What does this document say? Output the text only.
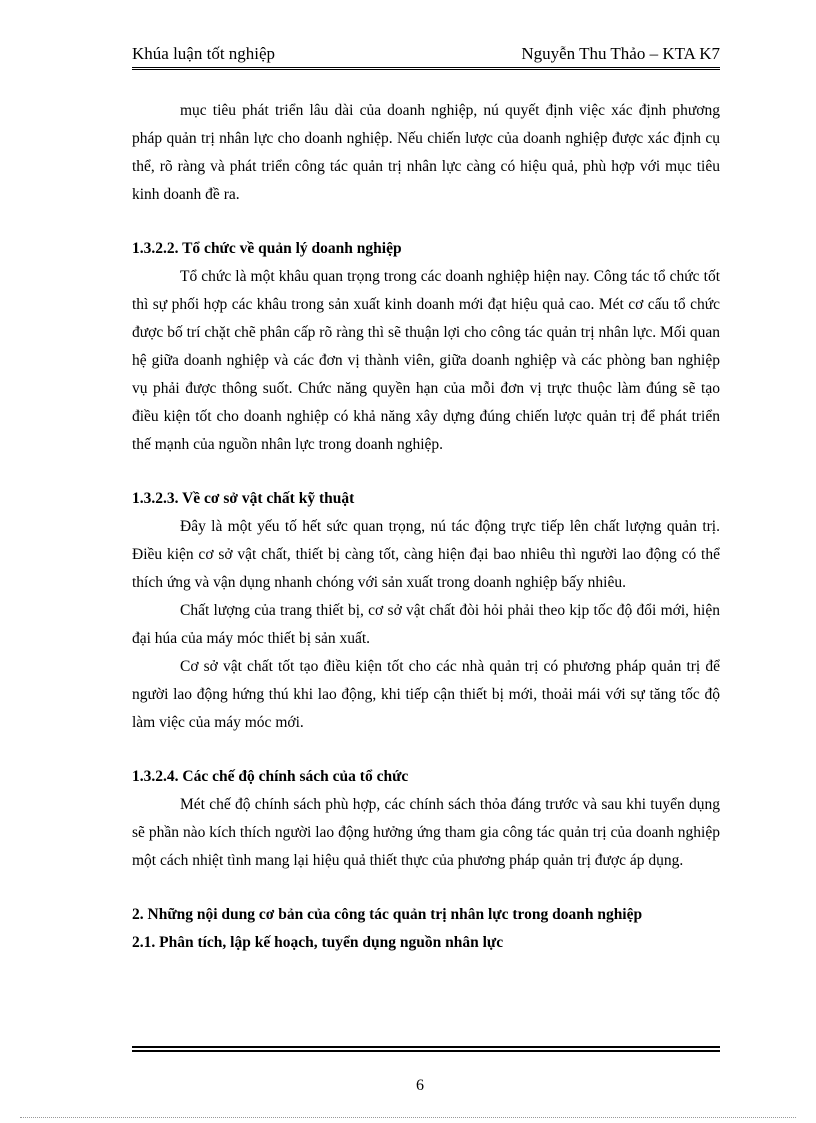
Khúa luận tốt nghiệp	Nguyễn Thu Thảo – KTA K7

mục tiêu phát triển lâu dài của doanh nghiệp, nú quyết định việc xác định phương pháp quản trị nhân lực cho doanh nghiệp. Nếu chiến lược của doanh nghiệp được xác định cụ thể, rõ ràng và phát triển công tác quản trị nhân lực càng có hiệu quả, phù hợp với mục tiêu kinh doanh đề ra.

1.3.2.2. Tổ chức về quản lý doanh nghiệp

Tổ chức là một khâu quan trọng trong các doanh nghiệp hiện nay. Công tác tổ chức tốt thì sự phối hợp các khâu trong sản xuất kinh doanh mới đạt hiệu quả cao. Mét cơ cấu tổ chức được bố trí chặt chẽ phân cấp rõ ràng thì sẽ thuận lợi cho công tác quản trị nhân lực. Mối quan hệ giữa doanh nghiệp và các đơn vị thành viên, giữa doanh nghiệp và các phòng ban nghiệp vụ phải được thông suốt. Chức năng quyền hạn của mỗi đơn vị trực thuộc làm đúng sẽ tạo điều kiện tốt cho doanh nghiệp có khả năng xây dựng đúng chiến lược quản trị để phát triển thế mạnh của nguồn nhân lực trong doanh nghiệp.

1.3.2.3. Về cơ sở vật chất kỹ thuật

Đây là một yếu tố hết sức quan trọng, nú tác động trực tiếp lên chất lượng quản trị. Điều kiện cơ sở vật chất, thiết bị càng tốt, càng hiện đại bao nhiêu thì người lao động có thể thích ứng và vận dụng nhanh chóng với sản xuất trong doanh nghiệp bấy nhiêu.

Chất lượng của trang thiết bị, cơ sở vật chất đòi hỏi phải theo kịp tốc độ đổi mới, hiện đại húa của máy móc thiết bị sản xuất.

Cơ sở vật chất tốt tạo điều kiện tốt cho các nhà quản trị có phương pháp quản trị để người lao động hứng thú khi lao động, khi tiếp cận thiết bị mới, thoải mái với sự tăng tốc độ làm việc của máy móc mới.

1.3.2.4. Các chế độ chính sách của tổ chức

Mét chế độ chính sách phù hợp, các chính sách thỏa đáng trước và sau khi tuyển dụng sẽ phần nào kích thích người lao động hưởng ứng tham gia công tác quản trị của doanh nghiệp một cách nhiệt tình mang lại hiệu quả thiết thực của phương pháp quản trị được áp dụng.

2. Những nội dung cơ bản của công tác quản trị nhân lực trong doanh nghiệp
2.1. Phân tích, lập kế hoạch, tuyển dụng nguồn nhân lực
6
